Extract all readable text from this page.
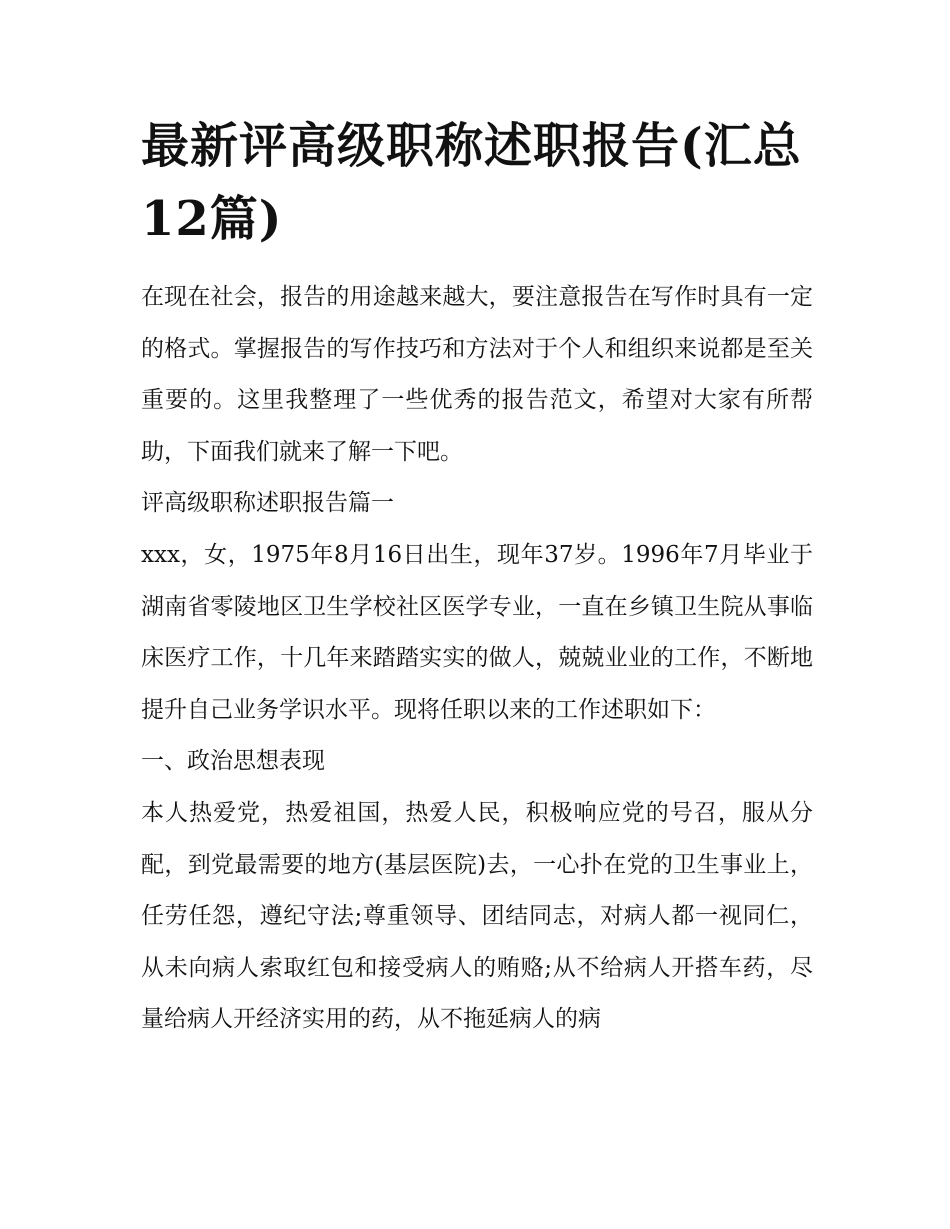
最新评高级职称述职报告(汇总12篇)

在现在社会，报告的用途越来越大，要注意报告在写作时具有一定的格式。掌握报告的写作技巧和方法对于个人和组织来说都是至关重要的。这里我整理了一些优秀的报告范文，希望对大家有所帮助，下面我们就来了解一下吧。

评高级职称述职报告篇一

xxx，女，1975年8月16日出生，现年37岁。1996年7月毕业于湖南省零陵地区卫生学校社区医学专业，一直在乡镇卫生院从事临床医疗工作，十几年来踏踏实实的做人，兢兢业业的工作，不断地提升自己业务学识水平。现将任职以来的工作述职如下：

一、政治思想表现

本人热爱党，热爱祖国，热爱人民，积极响应党的号召，服从分配，到党最需要的地方(基层医院)去，一心扑在党的卫生事业上，任劳任怨，遵纪守法;尊重领导、团结同志，对病人都一视同仁，从未向病人索取红包和接受病人的贿赂;从不给病人开搭车药，尽量给病人开经济实用的药，从不拖延病人的病
